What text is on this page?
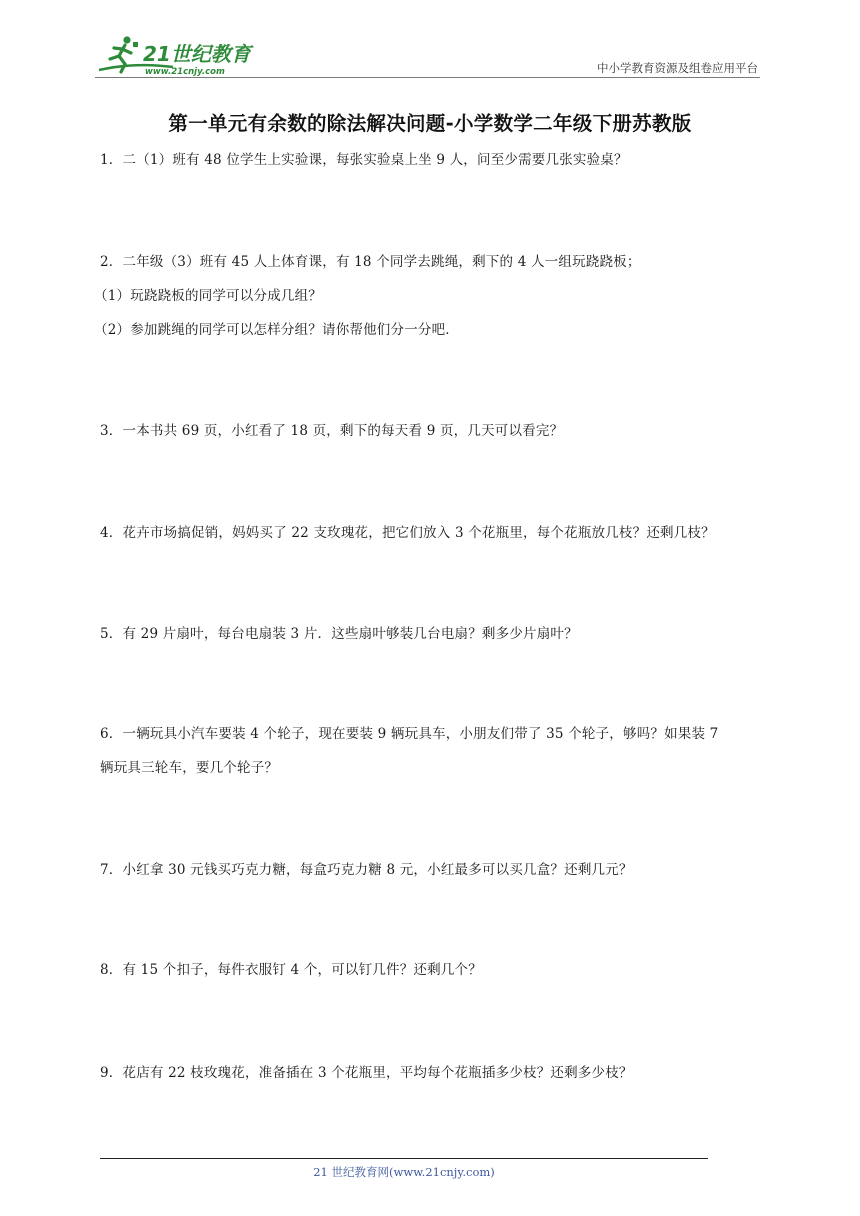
21世纪教育
www.21cnjy.com	中小学教育资源及组卷应用平台
第一单元有余数的除法解决问题-小学数学二年级下册苏教版
1．二（1）班有 48 位学生上实验课，每张实验桌上坐 9 人，问至少需要几张实验桌？
2．二年级（3）班有 45 人上体育课，有 18 个同学去跳绳，剩下的 4 人一组玩跷跷板；
（1）玩跷跷板的同学可以分成几组？
（2）参加跳绳的同学可以怎样分组？请你帮他们分一分吧．
3．一本书共 69 页，小红看了 18 页，剩下的每天看 9 页，几天可以看完？
4．花卉市场搞促销，妈妈买了 22 支玫瑰花，把它们放入 3 个花瓶里，每个花瓶放几枝？还剩几枝？
5．有 29 片扇叶，每台电扇装 3 片．这些扇叶够装几台电扇？剩多少片扇叶？
6．一辆玩具小汽车要装 4 个轮子，现在要装 9 辆玩具车，小朋友们带了 35 个轮子，够吗？如果装 7
辆玩具三轮车，要几个轮子？
7．小红拿 30 元钱买巧克力糖，每盒巧克力糖 8 元，小红最多可以买几盒？还剩几元？
8．有 15 个扣子，每件衣服钉 4 个，可以钉几件？还剩几个？
9．花店有 22 枝玫瑰花，准备插在 3 个花瓶里，平均每个花瓶插多少枝？还剩多少枝？
21 世纪教育网(www.21cnjy.com)
